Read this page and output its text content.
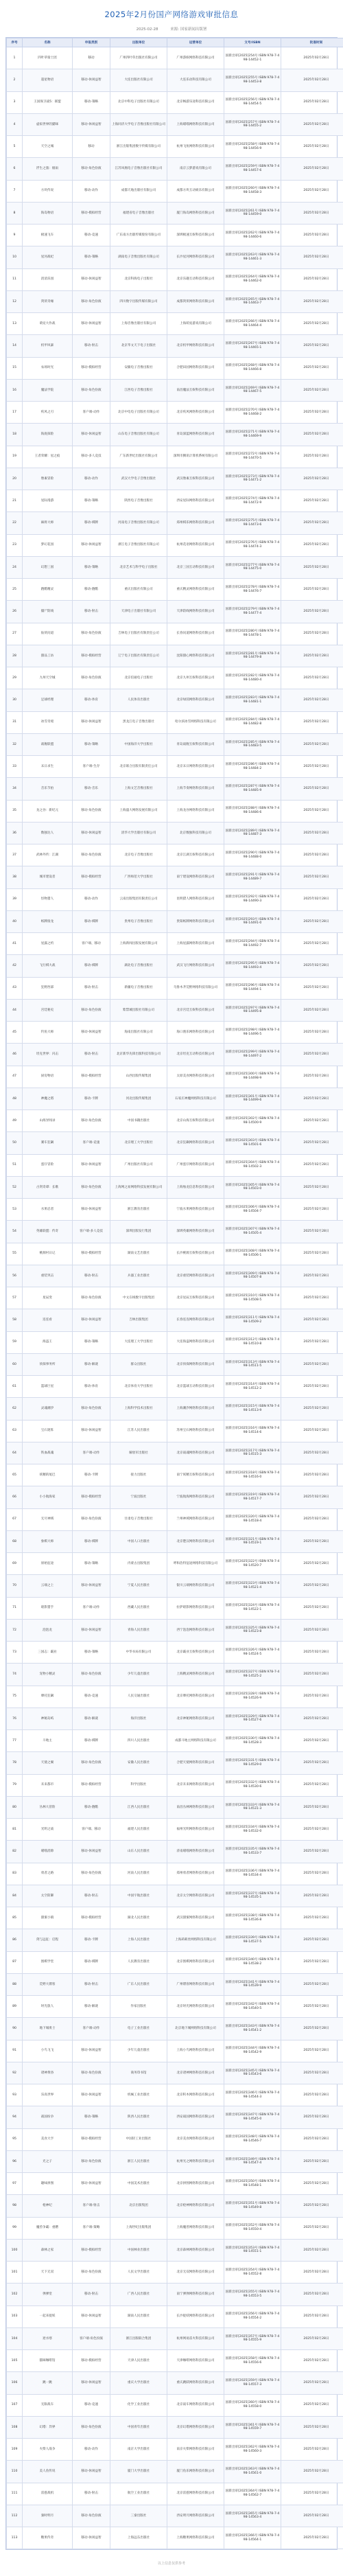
2025年2月份国产网络游戏审批信息
2025-02-28	来源: 国家新闻出版署
序号	名称	申报类别	出版单位	运营单位	文号/ISBN	批准时间
1	四叶草骑士团	移动	广州四叶草出版社有限公司	广州游娱网络科技有限公司	国新出审[2025]254号 ISBN 978-7-498-14452-1	2025年02月28日
2	超星物语	移动-休闲益智	大连出版社有限公司	大连乐动科技有限公司	国新出审[2025]255号 ISBN 978-7-498-14453-8	2025年02月28日
3	王国保卫战5：联盟	移动-策略	北京中科电子出版社有限公司	北京畅游乐途科技有限公司	国新出审[2025]256号 ISBN 978-7-498-14454-5	2025年02月28日
4	虚拟世界的猫咪	移动-休闲益智	上海同济大学电子音像出版社有限公司	上海喵喵网络科技有限公司	国新出审[2025]257号 ISBN 978-7-498-14455-2	2025年02月28日
5	天空之城	移动	浙江出版集团数字传媒有限公司	杭州飞鱼网络科技有限公司	国新出审[2025]258号 ISBN 978-7-498-14456-9	2025年02月28日
6	浮生之旅：烟雨	移动-角色扮演	江苏凤凰电子音像出版社有限公司	南京云梦游戏有限公司	国新出审[2025]259号 ISBN 978-7-498-14457-6	2025年02月28日
7	方块传说	移动-动作	成都天地出版社有限公司	成都方块互动娱乐有限公司	国新出审[2025]260号 ISBN 978-7-498-14458-3	2025年02月28日
8	海岛物语	移动-模拟经营	福建省电子音像出版社	厦门海岛网络科技有限公司	国新出审[2025]261号 ISBN 978-7-498-14459-0	2025年02月28日
9	极速飞车	移动-竞速	广东南方出版传媒股份有限公司	深圳极速互娱科技有限公司	国新出审[2025]262号 ISBN 978-7-498-14460-6	2025年02月28日
10	星河战纪	移动-策略	湖南电子音像出版社有限公司	长沙星河网络科技有限公司	国新出审[2025]263号 ISBN 978-7-498-14461-3	2025年02月28日
11	消消乐园	移动-休闲益智	北京科海电子出版社	北京乐趣互动科技有限公司	国新出审[2025]264号 ISBN 978-7-498-14462-0	2025年02月28日
12	剑侠奇缘	移动-角色扮演	四川数字出版传媒有限公司	成都剑侠网络科技有限公司	国新出审[2025]265号 ISBN 978-7-498-14463-7	2025年02月28日
13	萌宠大作战	移动-休闲益智	上海音像出版社有限公司	上海萌宠游戏有限公司	国新出审[2025]266号 ISBN 978-7-498-14464-4	2025年02月28日
14	机甲风暴	移动-射击	北京华文天下电子出版社	北京机甲网络科技有限公司	国新出审[2025]267号 ISBN 978-7-498-14465-1	2025年02月28日
15	农场时光	移动-模拟经营	安徽电子音像出版社	合肥田园网络科技有限公司	国新出审[2025]268号 ISBN 978-7-498-14466-8	2025年02月28日
16	魔法学院	移动-角色扮演	江西电子音像出版社	南昌魔法互娱科技有限公司	国新出审[2025]269号 ISBN 978-7-498-14467-5	2025年02月28日
17	疾风之刃	客户端-动作	北京中电电子出版社有限公司	北京疾风网络科技有限公司	国新出审[2025]270号 ISBN 978-7-498-14468-2	2025年02月28日
18	海底探险	移动-休闲益智	山东电子音像出版社有限公司	青岛深蓝网络科技有限公司	国新出审[2025]271号 ISBN 978-7-498-14469-9	2025年02月28日
19	王者荣耀：星之痕	移动-多人竞技	广东新世纪出版社有限公司	深圳市腾讯计算机系统有限公司	国新出审[2025]272号 ISBN 978-7-498-14470-5	2025年02月28日
20	像素冒险	移动-动作	武汉大学电子音像出版社	武汉像素互娱科技有限公司	国新出审[2025]273号 ISBN 978-7-498-14471-2	2025年02月28日
21	星际漫游	移动-策略	陕西电子音像出版社	西安星际网络科技有限公司	国新出审[2025]274号 ISBN 978-7-498-14472-9	2025年02月28日
22	麻将大师	移动-棋牌	河南电子音像出版社有限公司	郑州棋乐网络科技有限公司	国新出审[2025]275号 ISBN 978-7-498-14473-6	2025年02月28日
23	梦幻花园	移动-休闲益智	浙江电子音像出版社有限公司	杭州花语网络科技有限公司	国新出审[2025]276号 ISBN 978-7-498-14474-3	2025年02月28日
24	幻想三国	移动-策略	北京艺术与科学电子出版社	北京三国互动科技有限公司	国新出审[2025]277号 ISBN 978-7-498-14475-0	2025年02月28日
25	跑酷精灵	移动-跑酷	重庆出版社有限公司	重庆精灵网络科技有限公司	国新出审[2025]278号 ISBN 978-7-498-14476-7	2025年02月28日
26	僵尸防线	移动-射击	天津电子出版社有限公司	天津防线网络科技有限公司	国新出审[2025]279号 ISBN 978-7-498-14477-4	2025年02月28日
27	仙侠问道	移动-角色扮演	吉林电子出版社有限责任公司	长春问道网络科技有限公司	国新出审[2025]280号 ISBN 978-7-498-14478-1	2025年02月28日
28	甜品工坊	移动-模拟经营	辽宁电子出版社有限责任公司	沈阳甜心网络科技有限公司	国新出审[2025]281号 ISBN 978-7-498-14479-8	2025年02月28日
29	九州天空城	移动-角色扮演	北京伯通电子出版社	北京九州互娱科技有限公司	国新出审[2025]282号 ISBN 978-7-498-14480-4	2025年02月28日
30	足球经理	移动-体育	人民体育出版社	北京绿茵网络科技有限公司	国新出审[2025]283号 ISBN 978-7-498-14481-1	2025年02月28日
31	冰雪奇境	移动-休闲益智	黑龙江电子音像出版社	哈尔滨冰雪网络科技有限公司	国新出审[2025]284号 ISBN 978-7-498-14482-8	2025年02月28日
32	战舰联盟	移动-策略	中国海洋大学出版社	青岛战舰互娱科技有限公司	国新出审[2025]285号 ISBN 978-7-498-14483-5	2025年02月28日
33	末日求生	客户端-生存	北京联合出版有限责任公司	北京末日网络科技有限公司	国新出审[2025]286号 ISBN 978-7-498-14484-2	2025年02月28日
34	音乐节拍	移动-音乐	上海文艺音像出版社	上海节奏网络科技有限公司	国新出审[2025]287号 ISBN 978-7-498-14485-9	2025年02月28日
35	龙之谷：新纪元	移动-角色扮演	上海盛大网络发展有限公司	上海龙谷网络科技有限公司	国新出审[2025]288号 ISBN 978-7-498-14486-6	2025年02月28日
36	数独达人	移动-休闲益智	清华大学出版社有限公司	北京数独科技有限公司	国新出审[2025]289号 ISBN 978-7-498-14487-3	2025年02月28日
37	武林外传：江湖	移动-角色扮演	北京电子音像出版社	北京江湖互娱科技有限公司	国新出审[2025]290号 ISBN 978-7-498-14488-0	2025年02月28日
38	城市建设者	移动-模拟经营	广西师范大学出版社	南宁建设网络科技有限公司	国新出审[2025]291号 ISBN 978-7-498-14489-7	2025年02月28日
39	怪物猎人	移动-动作	云南出版集团有限责任公司	昆明猎人网络科技有限公司	国新出审[2025]292号 ISBN 978-7-498-14490-3	2025年02月28日
40	纸牌接龙	移动-棋牌	贵州电子音像出版社	贵阳纸牌网络科技有限公司	国新出审[2025]293号 ISBN 978-7-498-14491-0	2025年02月28日
41	星露之约	客户端、移动	上海新闻出版发展有限公司	上海星露网络科技有限公司	国新出审[2025]294号 ISBN 978-7-498-14492-7	2025年02月28日
42	飞行棋大战	移动-棋牌	湖北电子音像出版社	武汉飞行网络科技有限公司	国新出审[2025]295号 ISBN 978-7-498-14493-4	2025年02月28日
43	狂野西部	移动-射击	新疆电子音像出版社	乌鲁木齐荒野网络科技有限公司	国新出审[2025]296号 ISBN 978-7-498-14494-1	2025年02月28日
44	宫廷秘史	移动-角色扮演	紫禁城出版社有限公司	北京宫廷互娱科技有限公司	国新出审[2025]297号 ISBN 978-7-498-14495-8	2025年02月28日
45	钓鱼大师	移动-休闲益智	海南出版社有限公司	海口渔乐网络科技有限公司	国新出审[2025]298号 ISBN 978-7-498-14496-5	2025年02月28日
46	坦克世界：闪击	移动-射击	北京新华先锋出版科技有限公司	北京坦克互动科技有限公司	国新出审[2025]299号 ISBN 978-7-498-14497-2	2025年02月28日
47	厨房物语	移动-模拟经营	山西出版传媒集团	太原美食网络科技有限公司	国新出审[2025]300号 ISBN 978-7-498-14498-9	2025年02月28日
48	神魔之塔	移动-卡牌	河北出版传媒集团	石家庄神魔网络科技有限公司	国新出审[2025]301号 ISBN 978-7-498-14499-6	2025年02月28日
49	山海异闻录	移动-角色扮演	中国书籍出版社	北京山海互娱科技有限公司	国新出审[2025]302号 ISBN 978-7-498-14500-9	2025年02月28日
50	赛车狂飙	客户端-竞速	北京理工大学出版社	北京狂飙网络科技有限公司	国新出审[2025]303号 ISBN 978-7-498-14501-6	2025年02月28日
51	蛋仔冒险	移动-休闲益智	广州出版社有限公司	广州蛋仔网络科技有限公司	国新出审[2025]304号 ISBN 978-7-498-14502-3	2025年02月28日
52	古剑奇谭：长歌	移动-角色扮演	上海网之易网络科技发展有限公司	上海烛龙信息科技有限公司	国新出审[2025]305号 ISBN 978-7-498-14503-0	2025年02月28日
53	水果忍者	移动-休闲益智	浙江教育出版社	宁波水果网络科技有限公司	国新出审[2025]306号 ISBN 978-7-498-14504-7	2025年02月28日
54	英雄联盟：传奇	客户端-多人竞技	深圳出版发行集团	深圳英雄网络科技有限公司	国新出审[2025]307号 ISBN 978-7-498-14505-4	2025年02月28日
55	桃源村日记	移动-模拟经营	湖南文艺出版社	长沙桃源互娱科技有限公司	国新出审[2025]308号 ISBN 978-7-498-14506-1	2025年02月28日
56	重装突击	移动-射击	兵器工业出版社	北京重装网络科技有限公司	国新出审[2025]309号 ISBN 978-7-498-14507-8	2025年02月28日
57	星辰变	移动-角色扮演	中文在线数字出版集团	北京星辰互娱科技有限公司	国新出审[2025]310号 ISBN 978-7-498-14508-5	2025年02月28日
58	连连看	移动-休闲益智	吉林出版集团	长春连连网络科技有限公司	国新出审[2025]311号 ISBN 978-7-498-14509-2	2025年02月28日
59	海盗王	移动-策略	大连理工大学出版社	大连海盗网络科技有限公司	国新出审[2025]312号 ISBN 978-7-498-14510-8	2025年02月28日
60	侦探事务所	移动-解谜	群众出版社	北京侦探网络科技有限公司	国新出审[2025]313号 ISBN 978-7-498-14511-5	2025年02月28日
61	篮球巨星	移动-体育	北京体育大学出版社	北京篮球互动科技有限公司	国新出审[2025]314号 ISBN 978-7-498-14512-2	2025年02月28日
62	灵魂潮汐	移动-角色扮演	上海科学技术出版社	上海潮汐网络科技有限公司	国新出审[2025]315号 ISBN 978-7-498-14513-9	2025年02月28日
63	宝石迷阵	移动-休闲益智	江苏人民出版社	苏州宝石网络科技有限公司	国新出审[2025]316号 ISBN 978-7-498-14514-6	2025年02月28日
64	铁血战魂	客户端-动作	解放军出版社	北京战魂网络科技有限公司	国新出审[2025]317号 ISBN 978-7-498-14515-3	2025年02月28日
65	妖精的尾巴	移动-卡牌	接力出版社	南宁妖精互娱科技有限公司	国新出审[2025]318号 ISBN 978-7-498-14516-0	2025年02月28日
66	小小航海家	移动-模拟经营	宁波出版社	宁波航海网络科技有限公司	国新出审[2025]319号 ISBN 978-7-498-14517-7	2025年02月28日
67	无尽神域	移动-角色扮演	甘肃电子音像出版社	兰州神域网络科技有限公司	国新出审[2025]320号 ISBN 978-7-498-14518-4	2025年02月28日
68	象棋大师	移动-棋牌	中国人口出版社	北京楚汉网络科技有限公司	国新出审[2025]321号 ISBN 978-7-498-14519-1	2025年02月28日
69	原始征途	移动-策略	内蒙古出版集团	呼和浩特征途网络科技有限公司	国新出审[2025]322号 ISBN 978-7-498-14520-7	2025年02月28日
70	云端之上	移动-休闲益智	宁夏人民出版社	银川云端网络科技有限公司	国新出审[2025]323号 ISBN 978-7-498-14521-4	2025年02月28日
71	暗影猎手	客户端-动作	西藏人民出版社	拉萨暗影网络科技有限公司	国新出审[2025]324号 ISBN 978-7-498-14522-1	2025年02月28日
72	泡泡龙	移动-休闲益智	青海人民出版社	西宁泡泡网络科技有限公司	国新出审[2025]325号 ISBN 978-7-498-14523-8	2025年02月28日
73	三国志：霸业	移动-策略	中华书局有限公司	北京霸业互娱科技有限公司	国新出审[2025]326号 ISBN 978-7-498-14524-5	2025年02月28日
74	宠物小精灵	移动-角色扮演	少年儿童出版社	上海精灵网络科技有限公司	国新出审[2025]327号 ISBN 978-7-498-14525-2	2025年02月28日
75	摩托狂飙	移动-竞速	人民交通出版社	北京摩托网络科技有限公司	国新出审[2025]328号 ISBN 978-7-498-14526-9	2025年02月28日
76	神秘岛屿	移动-解谜	海洋出版社	北京神秘网络科技有限公司	国新出审[2025]329号 ISBN 978-7-498-14527-6	2025年02月28日
77	斗地主	移动-棋牌	四川人民出版社	成都斗地主网络科技有限公司	国新出审[2025]330号 ISBN 978-7-498-14528-3	2025年02月28日
78	天使之翼	移动-角色扮演	安徽人民出版社	合肥天使网络科技有限公司	国新出审[2025]331号 ISBN 978-7-498-14529-0	2025年02月28日
79	未来都市	移动-模拟经营	科学出版社	北京未来网络科技有限公司	国新出审[2025]332号 ISBN 978-7-498-14530-6	2025年02月28日
80	丛林大冒险	移动-跑酷	江西人民出版社	南昌丛林网络科技有限公司	国新出审[2025]333号 ISBN 978-7-498-14531-3	2025年02月28日
81	光明之战	客户端、移动	福建人民出版社	福州光明网络科技有限公司	国新出审[2025]334号 ISBN 978-7-498-14532-0	2025年02月28日
82	喵喵消除	移动-休闲益智	山东人民出版社	济南喵喵网络科技有限公司	国新出审[2025]335号 ISBN 978-7-498-14533-7	2025年02月28日
83	勇者之路	移动-角色扮演	河南人民出版社	郑州勇者网络科技有限公司	国新出审[2025]336号 ISBN 978-7-498-14534-4	2025年02月28日
84	太空防御	移动-射击	中国宇航出版社	北京太空网络科技有限公司	国新出审[2025]337号 ISBN 978-7-498-14535-1	2025年02月28日
85	甜蜜小镇	移动-模拟经营	湖北人民出版社	武汉甜蜜网络科技有限公司	国新出审[2025]338号 ISBN 978-7-498-14536-8	2025年02月28日
86	剑与远征：启程	移动-卡牌	上海人民出版社	上海莉莉丝网络科技有限公司	国新出审[2025]339号 ISBN 978-7-498-14537-5	2025年02月28日
87	围棋学堂	移动-棋牌	人民教育出版社	北京围棋网络科技有限公司	国新出审[2025]340号 ISBN 978-7-498-14538-2	2025年02月28日
88	荒野大镖客	移动-射击	广东人民出版社	广州镖客网络科技有限公司	国新出审[2025]341号 ISBN 978-7-498-14539-9	2025年02月28日
89	时光旅人	移动-解谜	作家出版社	北京时光网络科技有限公司	国新出审[2025]342号 ISBN 978-7-498-14540-5	2025年02月28日
90	地下城勇士	客户端-动作	电子工业出版社	北京地下城网络科技有限公司	国新出审[2025]343号 ISBN 978-7-498-14541-2	2025年02月28日
91	小鸟飞飞	移动-休闲益智	少年儿童出版社	上海小鸟网络科技有限公司	国新出审[2025]344号 ISBN 978-7-498-14542-9	2025年02月28日
92	诸神黄昏	移动-角色扮演	商务印书馆	北京诸神网络科技有限公司	国新出审[2025]345号 ISBN 978-7-498-14543-6	2025年02月28日
93	乐高世界	移动-休闲益智	机械工业出版社	北京积木网络科技有限公司	国新出审[2025]346号 ISBN 978-7-498-14544-3	2025年02月28日
94	战国纷争	移动-策略	陕西人民出版社	西安战国网络科技有限公司	国新出审[2025]347号 ISBN 978-7-498-14545-0	2025年02月28日
95	美食大亨	移动-模拟经营	中国轻工业出版社	北京美食网络科技有限公司	国新出审[2025]348号 ISBN 978-7-498-14546-7	2025年02月28日
96	光之子	移动-角色扮演	浙江人民出版社	杭州光之网络科技有限公司	国新出审[2025]349号 ISBN 978-7-498-14547-4	2025年02月28日
97	趣味拼图	移动-休闲益智	中国美术出版社	北京拼图网络科技有限公司	国新出审[2025]350号 ISBN 978-7-498-14548-1	2025年02月28日
98	枪神纪	客户端-射击	北京出版集团	北京枪神网络科技有限公司	国新出审[2025]351号 ISBN 978-7-498-14549-8	2025年02月28日
99	魔兽争霸：重燃	客户端-策略	上海世纪出版集团	上海魔兽网络科技有限公司	国新出审[2025]352号 ISBN 978-7-498-14550-4	2025年02月28日
100	森林之家	移动-模拟经营	中国林业出版社	北京森林网络科技有限公司	国新出审[2025]353号 ISBN 978-7-498-14551-1	2025年02月28日
101	天下无双	移动-角色扮演	人民文学出版社	北京无双网络科技有限公司	国新出审[2025]354号 ISBN 978-7-498-14552-8	2025年02月28日
102	弹弹堂	移动-射击	广西人民出版社	南宁弹弹网络科技有限公司	国新出审[2025]355号 ISBN 978-7-498-14553-5	2025年02月28日
103	一起来捉妖	移动-休闲益智	湖南人民出版社	长沙捉妖网络科技有限公司	国新出审[2025]356号 ISBN 978-7-498-14554-2	2025年02月28日
104	逆水寒	客户端-角色扮演	浙江出版联合集团	杭州网易雷火科技有限公司	国新出审[2025]357号 ISBN 978-7-498-14555-9	2025年02月28日
105	猫咪咖啡馆	移动-模拟经营	天津人民出版社	天津咖啡网络科技有限公司	国新出审[2025]358号 ISBN 978-7-498-14556-6	2025年02月28日
106	跳一跳	移动-休闲益智	重庆大学出版社	重庆跳跃网络科技有限公司	国新出审[2025]359号 ISBN 978-7-498-14557-3	2025年02月28日
107	无限战车	移动-竞速	化学工业出版社	北京战车网络科技有限公司	国新出审[2025]360号 ISBN 978-7-498-14558-0	2025年02月28日
108	幻塔：异界	移动-角色扮演	中国青年出版社	北京幻塔网络科技有限公司	国新出审[2025]361号 ISBN 978-7-498-14559-7	2025年02月28日
109	火柴人战争	移动-动作	南京大学出版社	南京火柴网络科技有限公司	国新出审[2025]362号 ISBN 978-7-498-14560-3	2025年02月28日
110	美人鱼传说	移动-休闲益智	厦门大学出版社	厦门鱼乐网络科技有限公司	国新出审[2025]363号 ISBN 978-7-498-14561-0	2025年02月28日
111	雷霆战机	移动-射击	航空工业出版社	北京雷霆网络科技有限公司	国新出审[2025]364号 ISBN 978-7-498-14562-7	2025年02月28日
112	秦时明月	移动-角色扮演	三秦出版社	西安明月网络科技有限公司	国新出审[2025]365号 ISBN 978-7-498-14563-4	2025年02月28日
113	糖果传奇	移动-休闲益智	上海远东出版社	上海糖果网络科技有限公司	国新出审[2025]366号 ISBN 978-7-498-14564-1	2025年02月28日
以上信息仅供参考
